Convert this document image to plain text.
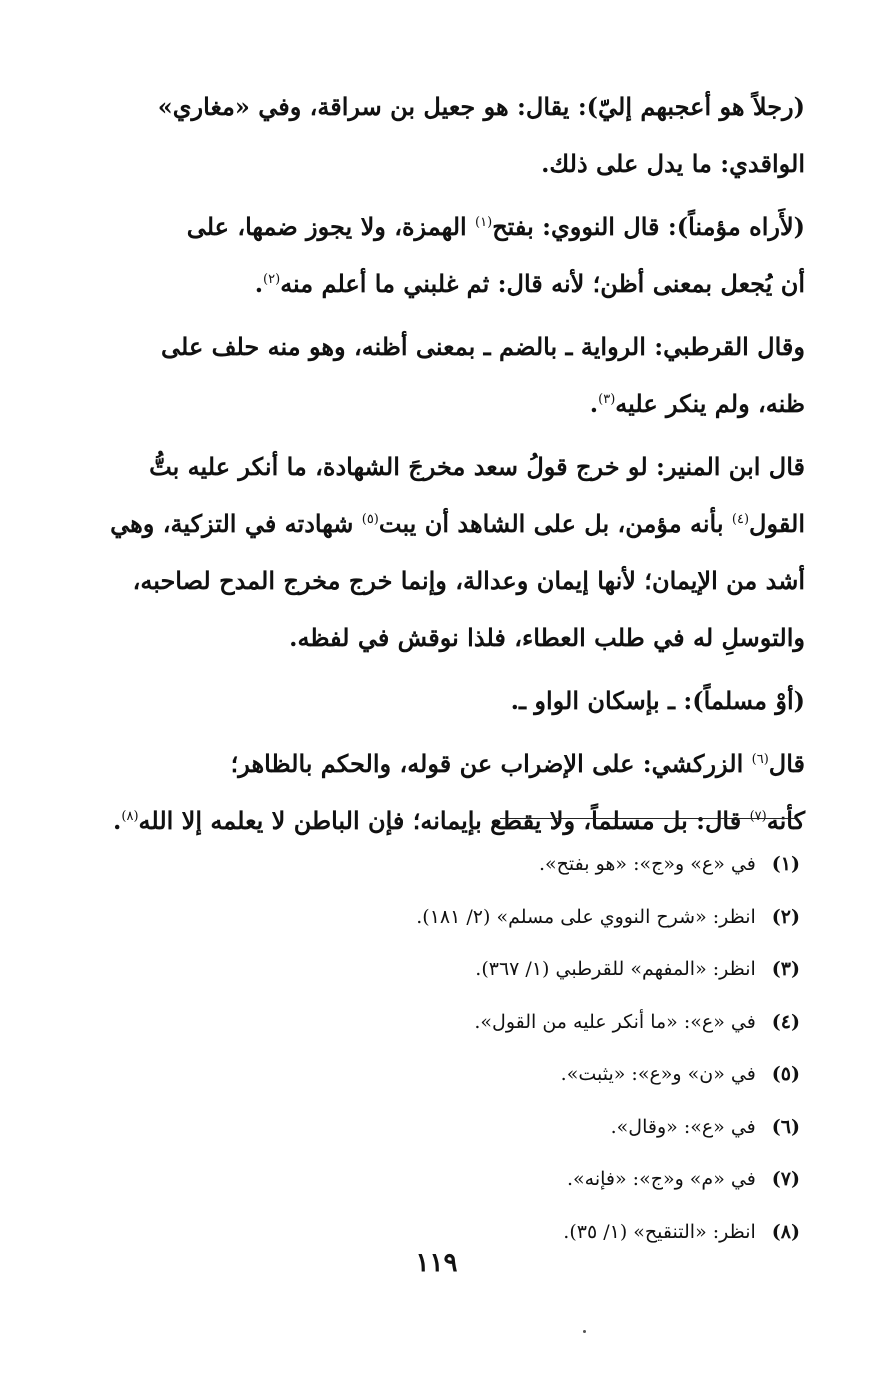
(رجلاً هو أعجبهم إليّ): يقال: هو جعيل بن سراقة، وفي «مغاري»
الواقدي: ما يدل على ذلك.

(لأَراه مؤمناً): قال النووي: بفتح$^{(١)}$ الهمزة، ولا يجوز ضمها، على
أن يُجعل بمعنى أظن؛ لأنه قال: ثم غلبني ما أعلم منه$^{(٢)}$.

وقال القرطبي: الرواية ـ بالضم ـ بمعنى أظنه، وهو منه حلف على
ظنه، ولم ينكر عليه$^{(٣)}$.

قال ابن المنير: لو خرج قولُ سعد مخرجَ الشهادة، ما أنكر عليه بتُّ
القول$^{(٤)}$ بأنه مؤمن، بل على الشاهد أن يبت$^{(٥)}$ شهادته في التزكية، وهي
أشد من الإيمان؛ لأنها إيمان وعدالة، وإنما خرج مخرج المدح لصاحبه،
والتوسلِ له في طلب العطاء، فلذا نوقش في لفظه.

(أوْ مسلماً): ـ بإسكان الواو ـ.

قال$^{(٦)}$ الزركشي: على الإضراب عن قوله، والحكم بالظاهر؛
كأنه$^{(٧)}$ قال: بل مسلماً، ولا يقطع بإيمانه؛ فإن الباطن لا يعلمه إلا الله$^{(٨)}$.

(١)في «ع» و«ج»: «هو بفتح».
(٢)انظر: «شرح النووي على مسلم» (٢/ ١٨١).
(٣)انظر: «المفهم» للقرطبي (١/ ٣٦٧).
(٤)في «ع»: «ما أنكر عليه من القول».
(٥)في «ن» و«ع»: «يثبت».
(٦)في «ع»: «وقال».
(٧)في «م» و«ج»: «فإنه».
(٨)انظر: «التنقيح» (١/ ٣٥).
١١٩
